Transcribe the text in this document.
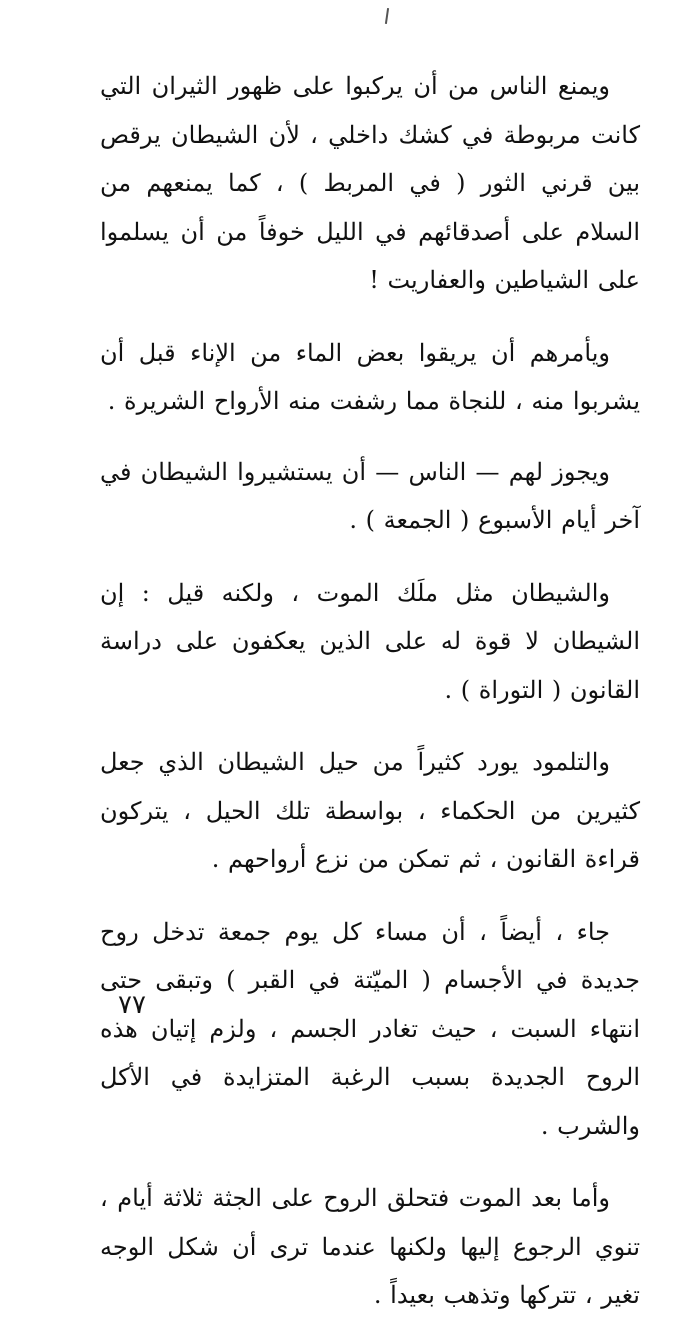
ويمنع الناس من أن يركبوا على ظهور الثيران التي كانت مربوطة في كشك داخلي ، لأن الشيطان يرقص بين قرني الثور ( في المربط ) ، كما يمنعهم من السلام على أصدقائهم في الليل خوفاً من أن يسلموا على الشياطين والعفاريت !

ويأمرهم أن يريقوا بعض الماء من الإناء قبل أن يشربوا منه ، للنجاة مما رشفت منه الأرواح الشريرة .

ويجوز لهم — الناس — أن يستشيروا الشيطان في آخر أيام الأسبوع ( الجمعة ) .

والشيطان مثل ملَك الموت ، ولكنه قيل : إن الشيطان لا قوة له على الذين يعكفون على دراسة القانون ( التوراة ) .

والتلمود يورد كثيراً من حيل الشيطان الذي جعل كثيرين من الحكماء ، بواسطة تلك الحيل ، يتركون قراءة القانون ، ثم تمكن من نزع أرواحهم .

جاء ، أيضاً ، أن مساء كل يوم جمعة تدخل روح جديدة في الأجسام ( الميّتة في القبر ) وتبقى حتى انتهاء السبت ، حيث تغادر الجسم ، ولزم إتيان هذه الروح الجديدة بسبب الرغبة المتزايدة في الأكل والشرب .

وأما بعد الموت فتحلق الروح على الجثة ثلاثة أيام ، تنوي الرجوع إليها ولكنها عندما ترى أن شكل الوجه تغير ، تتركها وتذهب بعيداً .

٧٧
